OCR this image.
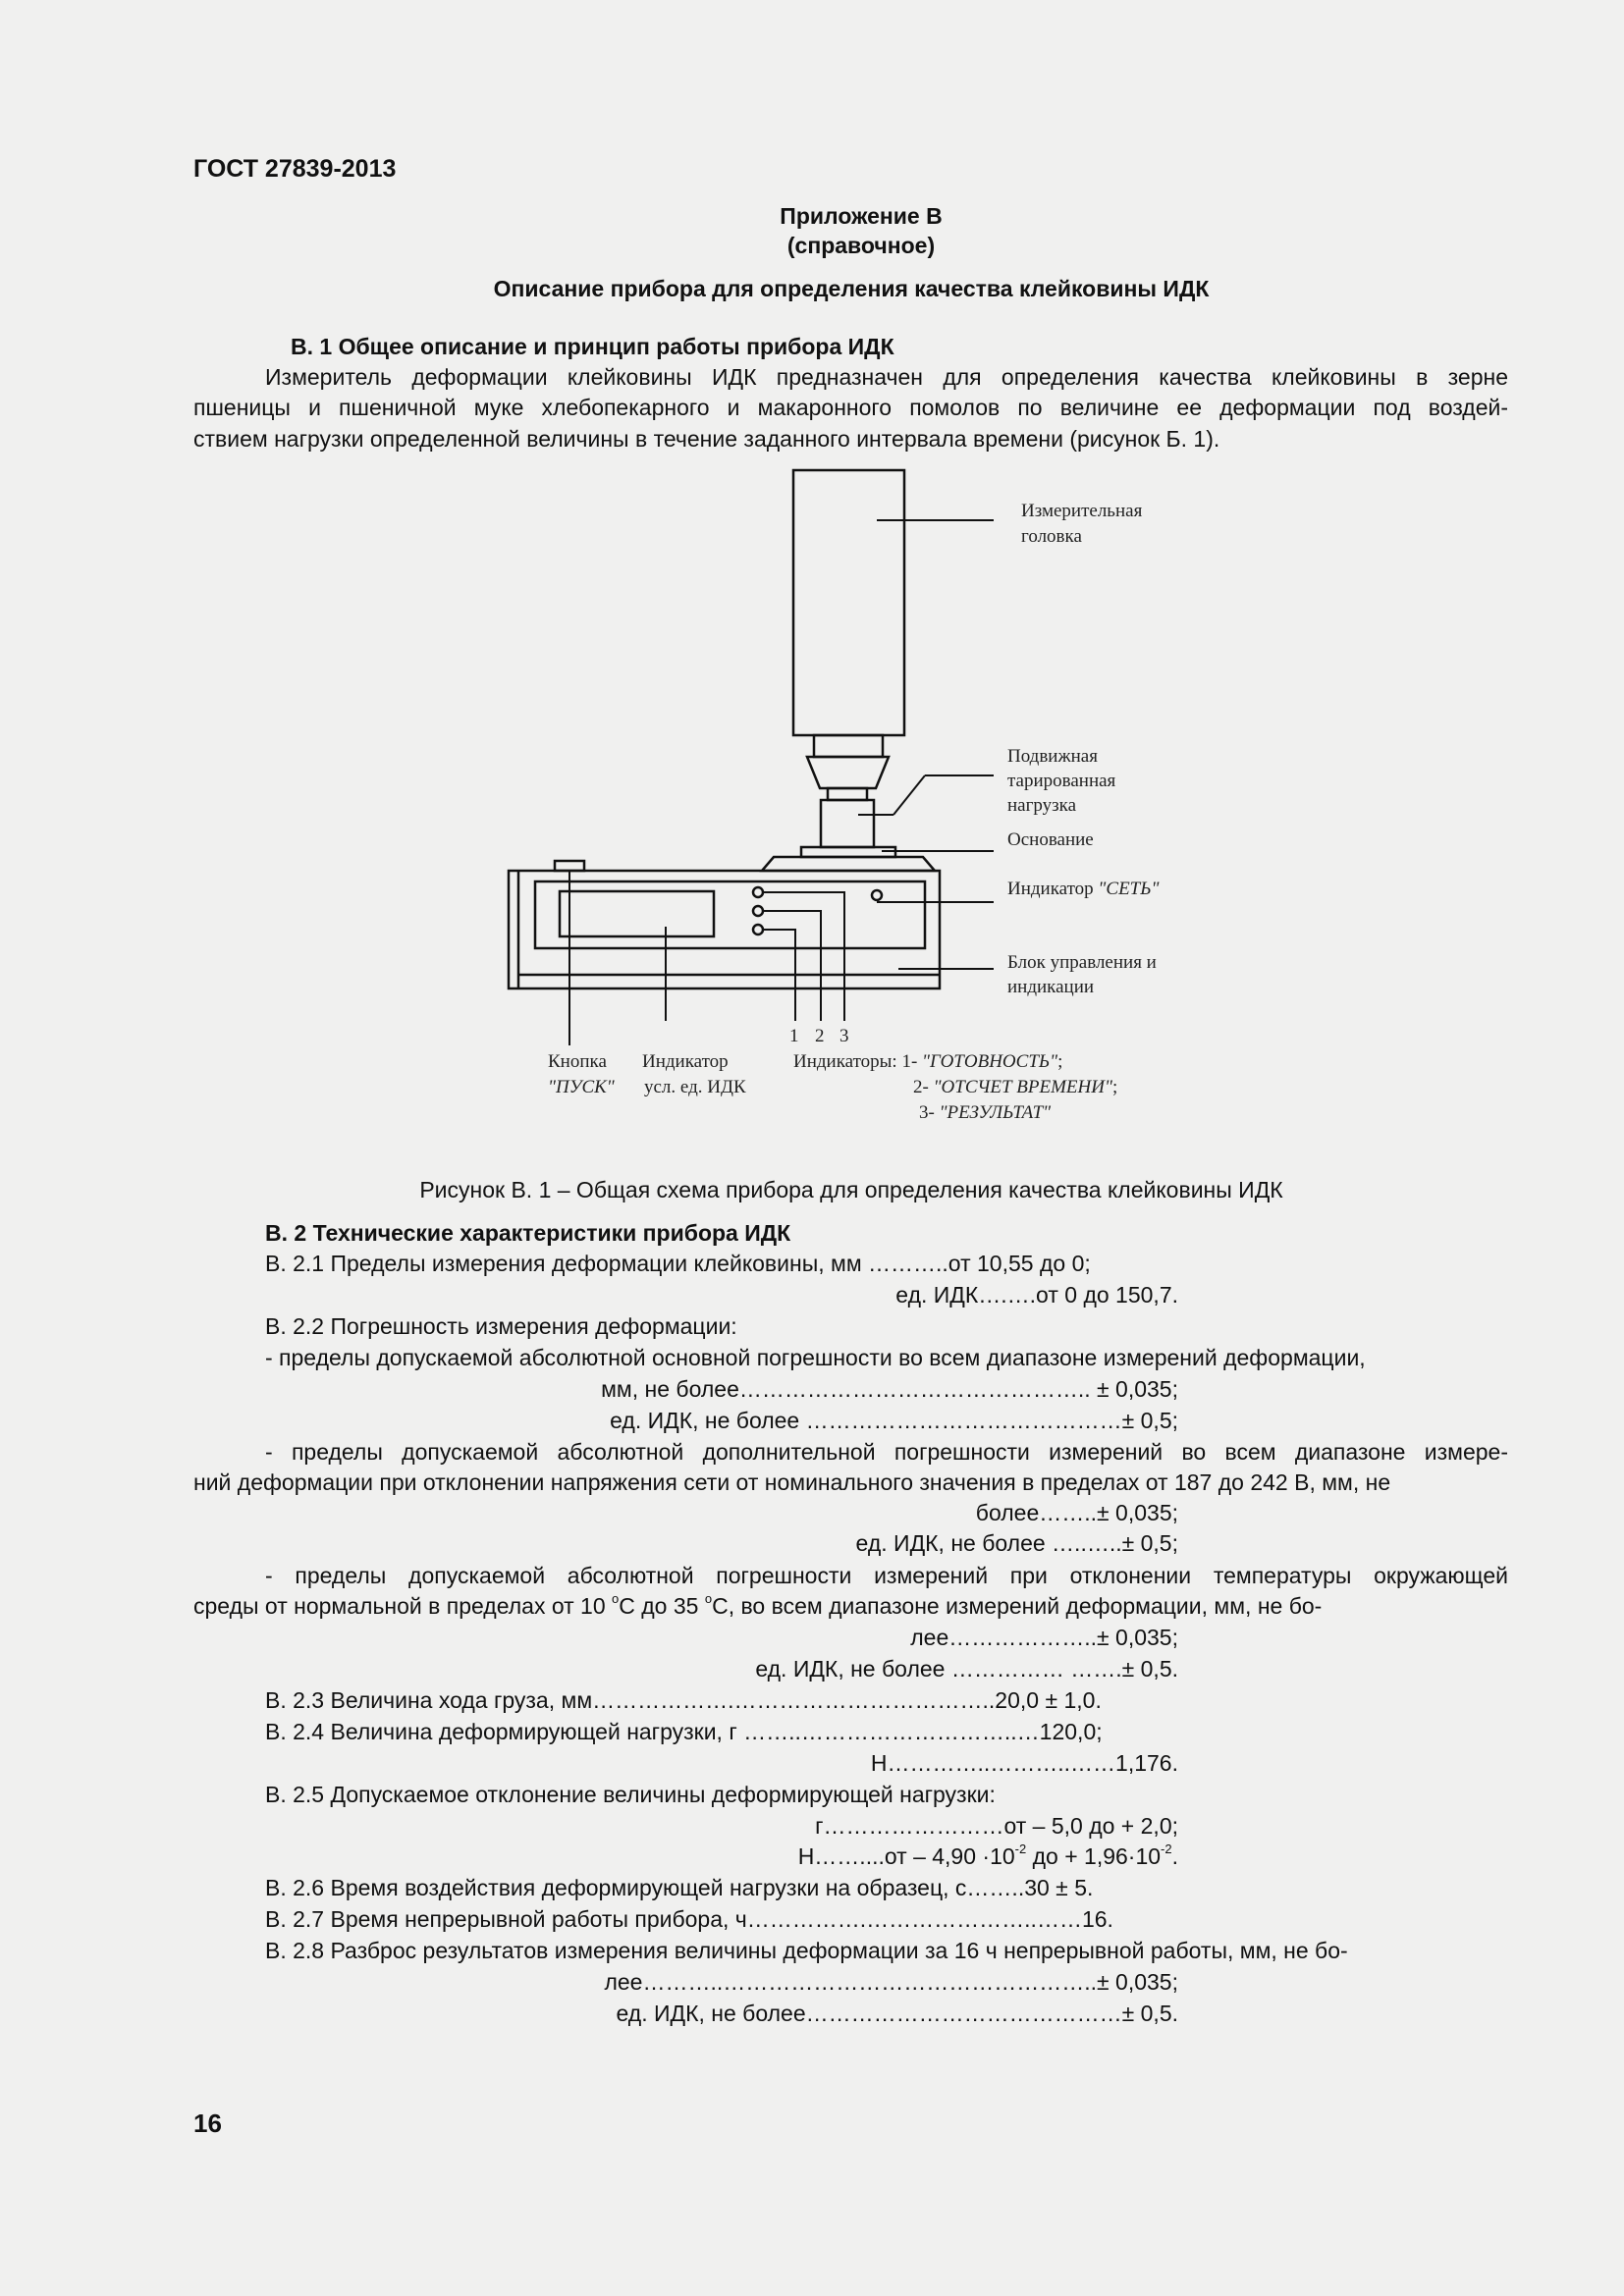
ГОСТ 27839-2013
Приложение В
(справочное)
Описание прибора для определения качества клейковины ИДК
В. 1 Общее описание и принцип работы прибора ИДК
Измеритель деформации клейковины ИДК предназначен для определения качества клейковины в зерне
пшеницы и пшеничной муке хлебопекарного и макаронного помолов по величине ее деформации под воздей-
ствием нагрузки определенной величины в течение заданного интервала времени (рисунок Б. 1).
Измерительная
головка
Подвижная
тарированная
нагрузка
Основание
Индикатор "СЕТЬ"
Блок управления и
индикации
1 2 3
Кнопка
"ПУСК"
Индикатор
усл. ед. ИДК
Индикаторы: 1- "ГОТОВНОСТЬ";
2- "ОТСЧЕТ ВРЕМЕНИ";
3- "РЕЗУЛЬТАТ"
Рисунок В. 1 – Общая схема прибора для определения качества клейковины ИДК
В. 2 Технические характеристики прибора ИДК
В. 2.1 Пределы измерения деформации клейковины, мм ………..от 10,55 до 0;
ед. ИДК….….от 0 до 150,7.
В. 2.2 Погрешность измерения деформации:
- пределы допускаемой абсолютной основной погрешности во всем диапазоне измерений деформации,
мм, не более……………………………………….. ± 0,035;
ед. ИДК, не более ……………………………………± 0,5;
- пределы допускаемой абсолютной дополнительной погрешности измерений во всем диапазоне измере-
ний деформации при отклонении напряжения сети от номинального значения в пределах от 187 до 242 В, мм, не
более……..± 0,035;
ед. ИДК, не более …..…..± 0,5;
- пределы допускаемой абсолютной погрешности измерений при отклонении температуры окружающей
среды от нормальной в пределах от 10 $^o$С до 35 $^o$С, во всем диапазоне измерений деформации, мм, не бо-
лее………………..± 0,035;
ед. ИДК, не более …………… …….± 0,5.
В. 2.3 Величина хода груза, мм……………….……………………………..20,0 ± 1,0.
В. 2.4 Величина деформирующей нагрузки, г ……..………………………..…120,0;
Н…………..………..……1,176.
В. 2.5 Допускаемое отклонение величины деформирующей нагрузки:
г……………………от – 5,0 до + 2,0;
Н……....от – $4,90 \cdot 10^{-2}$ до + $1,96\cdot 10^{-2}$.
В. 2.6 Время воздействия деформирующей нагрузки на образец, с……..30 ± 5.
В. 2.7 Время непрерывной работы прибора, ч…………….…………………..……16.
В. 2.8 Разброс результатов измерения величины деформации за 16 ч непрерывной работы, мм, не бо-
лее………..…………………………………………..± 0,035;
ед. ИДК, не более……………………………………± 0,5.
16
